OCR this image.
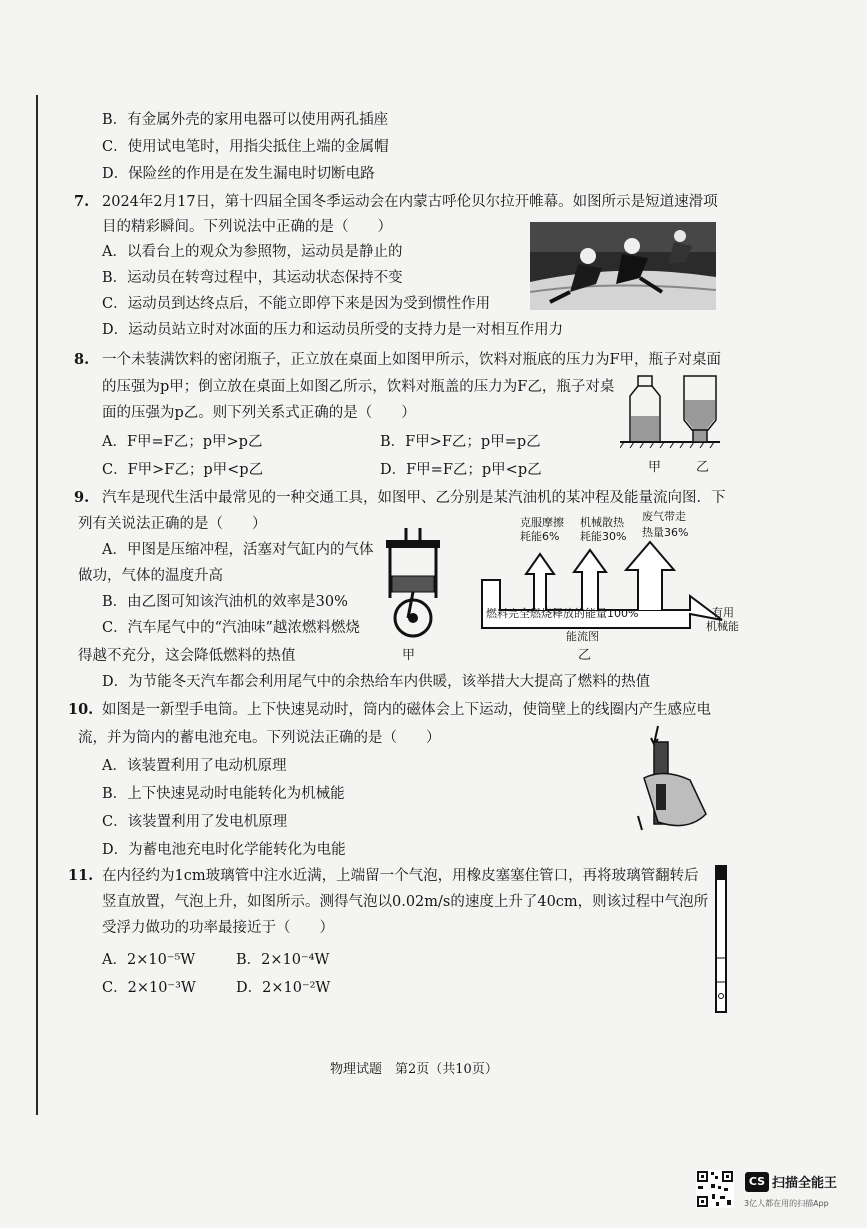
B．有金属外壳的家用电器可以使用两孔插座
C．使用试电笔时，用指尖抵住上端的金属帽
D．保险丝的作用是在发生漏电时切断电路
7. 2024年2月17日，第十四届全国冬季运动会在内蒙古呼伦贝尔拉开帷幕。如图所示是短道速滑项
目的精彩瞬间。下列说法中正确的是（　　）
A．以看台上的观众为参照物，运动员是静止的
B．运动员在转弯过程中，其运动状态保持不变
C．运动员到达终点后，不能立即停下来是因为受到惯性作用
D．运动员站立时对冰面的压力和运动员所受的支持力是一对相互作用力
8. 一个未装满饮料的密闭瓶子，正立放在桌面上如图甲所示，饮料对瓶底的压力为F甲，瓶子对桌面
的压强为p甲；倒立放在桌面上如图乙所示，饮料对瓶盖的压力为F乙，瓶子对桌
面的压强为p乙。则下列关系式正确的是（　　）
A．F甲=F乙；p甲>p乙	B．F甲>F乙；p甲=p乙
C．F甲>F乙；p甲<p乙	D．F甲=F乙；p甲<p乙	甲	乙
9. 汽车是现代生活中最常见的一种交通工具，如图甲、乙分别是某汽油机的某冲程及能量流向图．下
列有关说法正确的是（　　）
A．甲图是压缩冲程，活塞对气缸内的气体
做功，气体的温度升高
B．由乙图可知该汽油机的效率是30%
C．汽车尾气中的“汽油味”越浓燃料燃烧
得越不充分，这会降低燃料的热值
D．为节能冬天汽车都会利用尾气中的余热给车内供暖，该举措大大提高了燃料的热值
甲
克服摩擦
耗能6%
机械散热
耗能30%
废气带走
热量36%
燃料完全燃烧释放的能量100%	有用
机械能
能流图
乙
10. 如图是一新型手电筒。上下快速晃动时，筒内的磁体会上下运动，使筒壁上的线圈内产生感应电
流，并为筒内的蓄电池充电。下列说法正确的是（　　）
A．该装置利用了电动机原理
B．上下快速晃动时电能转化为机械能
C．该装置利用了发电机原理
D．为蓄电池充电时化学能转化为电能
11. 在内径约为1cm玻璃管中注水近满，上端留一个气泡，用橡皮塞塞住管口，再将玻璃管翻转后
竖直放置，气泡上升，如图所示。测得气泡以0.02m/s的速度上升了40cm，则该过程中气泡所
受浮力做功的功率最接近于（　　）
A．2×10⁻⁵W	B．2×10⁻⁴W
C．2×10⁻³W	D．2×10⁻²W
物理试题　第2页（共10页）
CS 扫描全能王
3亿人都在用的扫描App
